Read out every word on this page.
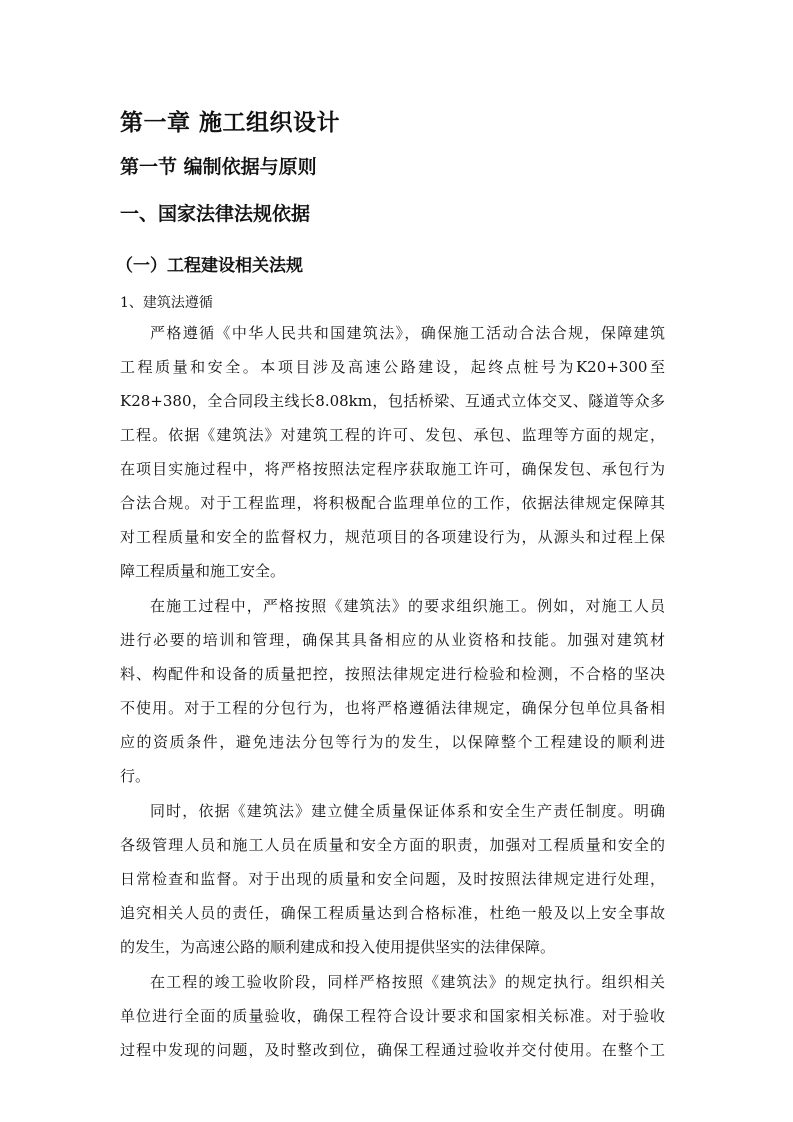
第一章 施工组织设计
第一节 编制依据与原则
一、国家法律法规依据
（一）工程建设相关法规
1、建筑法遵循
严格遵循《中华人民共和国建筑法》，确保施工活动合法合规，保障建筑
工程质量和安全。本项目涉及高速公路建设，起终点桩号为K20+300至
K28+380，全合同段主线长8.08km，包括桥梁、互通式立体交叉、隧道等众多
工程。依据《建筑法》对建筑工程的许可、发包、承包、监理等方面的规定，
在项目实施过程中，将严格按照法定程序获取施工许可，确保发包、承包行为
合法合规。对于工程监理，将积极配合监理单位的工作，依据法律规定保障其
对工程质量和安全的监督权力，规范项目的各项建设行为，从源头和过程上保
障工程质量和施工安全。
在施工过程中，严格按照《建筑法》的要求组织施工。例如，对施工人员
进行必要的培训和管理，确保其具备相应的从业资格和技能。加强对建筑材
料、构配件和设备的质量把控，按照法律规定进行检验和检测，不合格的坚决
不使用。对于工程的分包行为，也将严格遵循法律规定，确保分包单位具备相
应的资质条件，避免违法分包等行为的发生，以保障整个工程建设的顺利进
行。
同时，依据《建筑法》建立健全质量保证体系和安全生产责任制度。明确
各级管理人员和施工人员在质量和安全方面的职责，加强对工程质量和安全的
日常检查和监督。对于出现的质量和安全问题，及时按照法律规定进行处理，
追究相关人员的责任，确保工程质量达到合格标准，杜绝一般及以上安全事故
的发生，为高速公路的顺利建成和投入使用提供坚实的法律保障。
在工程的竣工验收阶段，同样严格按照《建筑法》的规定执行。组织相关
单位进行全面的质量验收，确保工程符合设计要求和国家相关标准。对于验收
过程中发现的问题，及时整改到位，确保工程通过验收并交付使用。在整个工
